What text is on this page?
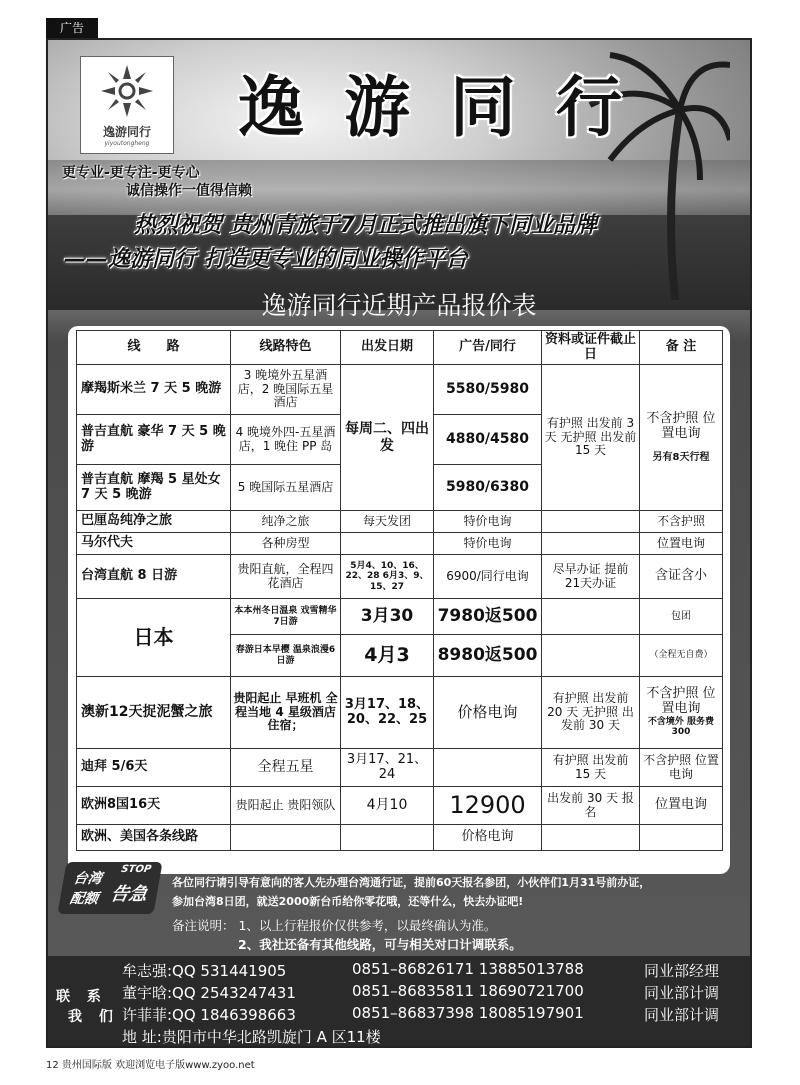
广告
逸游同行
yiyoutongheng	逸游同行
更专业-更专注-更专心
诚信操作一值得信赖
热烈祝贺 贵州青旅于7月正式推出旗下同业品牌
——逸游同行 打造更专业的同业操作平台
逸游同行近期产品报价表
线　　路	线路特色	出发日期	广告/同行	资料或证件截止日	备 注
摩羯斯米兰 7 天 5 晚游	3 晚境外五星酒店，2 晚国际五星酒店	每周二、四出发	5580/5980	有护照 出发前 3 天 无护照 出发前 15 天	不含护照 位置电询
另有8天行程

普吉直航 豪华 7 天 5 晚游	4 晚境外四-五星酒店，1 晚住 PP 岛		4880/4580		
普吉直航 摩羯 5 星处女 7 天 5 晚游	5 晚国际五星酒店		5980/6380		
巴厘岛纯净之旅	纯净之旅	每天发团	特价电询		不含护照
马尔代夫	各种房型		特价电询		位置电询
台湾直航 8 日游	贵阳直航，全程四花酒店	5月4、10、16、22、28 6月3、9、15、27	6900/同行电询	尽早办证 提前 21天办证	含证含小
日本	本本州冬日温泉 戏雪精华7日游	3月30	7980返500		包团
	春游日本早樱 温泉浪漫6日游	4月3	8980返500		（全程无自费）
澳新12天捉泥蟹之旅	贵阳起止 早班机 全程当地 4 星级酒店住宿；	3月17、18、20、22、25	价格电询	有护照 出发前 20 天 无护照 出发前 30 天	不含护照 位置电询
不含境外 服务费300

迪拜 5/6天	全程五星	3月17、21、24		有护照 出发前 15 天	不含护照 位置电询
欧洲8国16天	贵阳起止 贵阳领队	4月10	12900	出发前 30 天 报名	位置电询
欧洲、美国各条线路			价格电询		
台湾
配额
STOP
告急
各位同行请引导有意向的客人先办理台湾通行证，提前60天报名参团，小伙伴们1月31号前办证，
参加台湾8日团，就送2000新台币给你零花哦，还等什么，快去办证吧!
备注说明： 1、以上行程报价仅供参考，以最终确认为准。
2、我社还备有其他线路，可与相关对口计调联系。
联 系
我 们
牟志强:QQ 531441905	0851–86826171 13885013788	同业部经理
董宇晗:QQ 2543247431	0851–86835811 18690721700	同业部计调
许菲菲:QQ 1846398663	0851–86837398 18085197901	同业部计调
地 址:贵阳市中华北路凯旋门 A 区11楼
12 贵州国际版 欢迎浏览电子版www.zyoo.net
